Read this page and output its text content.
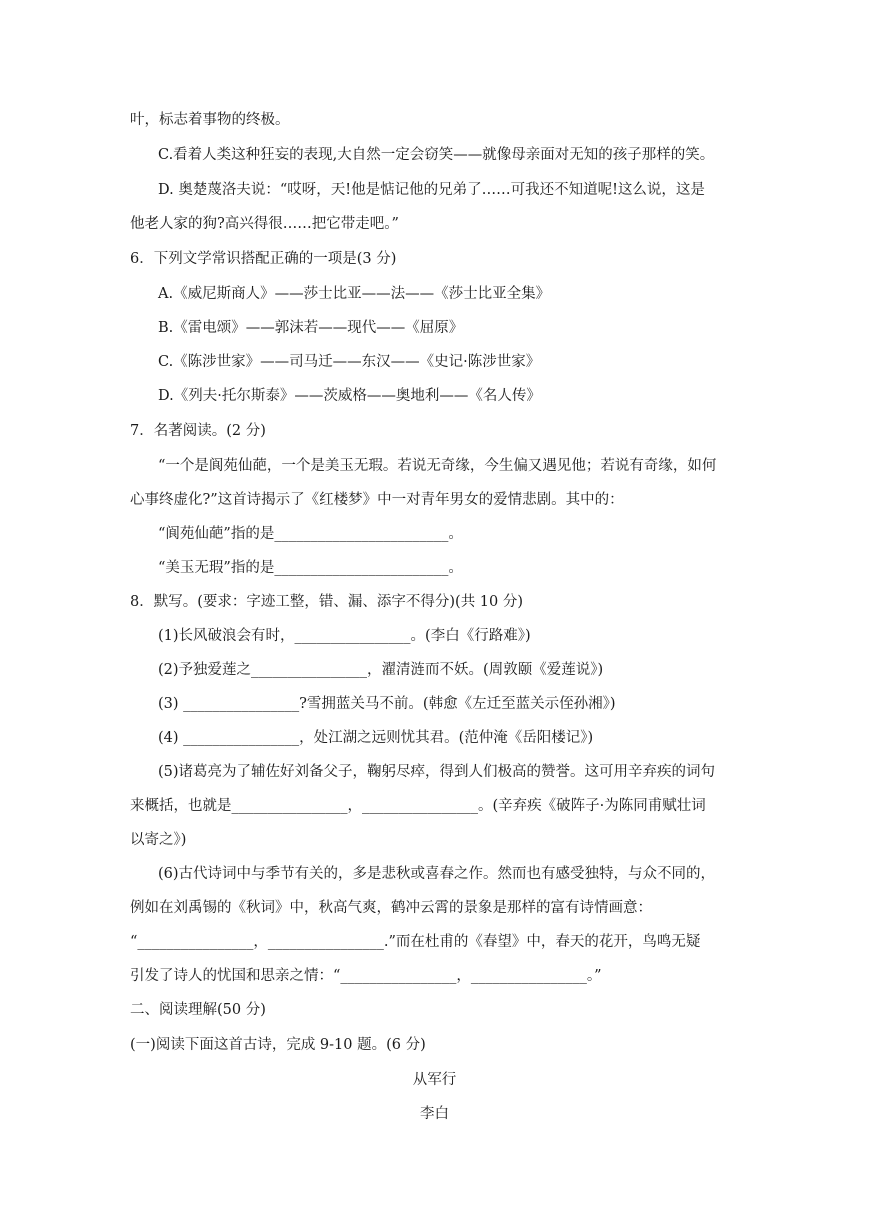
叶，标志着事物的终极。
C.看着人类这种狂妄的表现,大自然一定会窃笑——就像母亲面对无知的孩子那样的笑。
D. 奥楚蔑洛夫说：“哎呀，天!他是惦记他的兄弟了……可我还不知道呢!这么说，这是
他老人家的狗?高兴得很……把它带走吧。”
6．下列文学常识搭配正确的一项是(3 分)
A.《威尼斯商人》——莎士比亚——法——《莎士比亚全集》
B.《雷电颂》——郭沫若——现代——《屈原》
C.《陈涉世家》——司马迁——东汉——《史记·陈涉世家》
D.《列夫·托尔斯泰》——茨威格——奥地利——《名人传》
7．名著阅读。(2 分)
“一个是阆苑仙葩，一个是美玉无瑕。若说无奇缘，今生偏又遇见他；若说有奇缘，如何
心事终虚化?”这首诗揭示了《红楼梦》中一对青年男女的爱情悲剧。其中的：
“阆苑仙葩”指的是________________________。
“美玉无瑕”指的是________________________。
8．默写。(要求：字迹工整，错、漏、添字不得分)(共 10 分)
(1)长风破浪会有时，________________。(李白《行路难》)
(2)予独爱莲之________________，濯清涟而不妖。(周敦颐《爱莲说》)
(3) ________________?雪拥蓝关马不前。(韩愈《左迁至蓝关示侄孙湘》)
(4) ________________，处江湖之远则忧其君。(范仲淹《岳阳楼记》)
(5)诸葛亮为了辅佐好刘备父子，鞠躬尽瘁，得到人们极高的赞誉。这可用辛弃疾的词句
来概括，也就是________________，________________。(辛弃疾《破阵子·为陈同甫赋壮词
以寄之》)
(6)古代诗词中与季节有关的，多是悲秋或喜春之作。然而也有感受独特，与众不同的，
例如在刘禹锡的《秋词》中，秋高气爽，鹤冲云霄的景象是那样的富有诗情画意：
“________________，________________.”而在杜甫的《春望》中，春天的花开，鸟鸣无疑
引发了诗人的忧国和思亲之情：“________________，________________。”
二、阅读理解(50 分)
(一)阅读下面这首古诗，完成 9-10 题。(6 分)
从军行
李白
